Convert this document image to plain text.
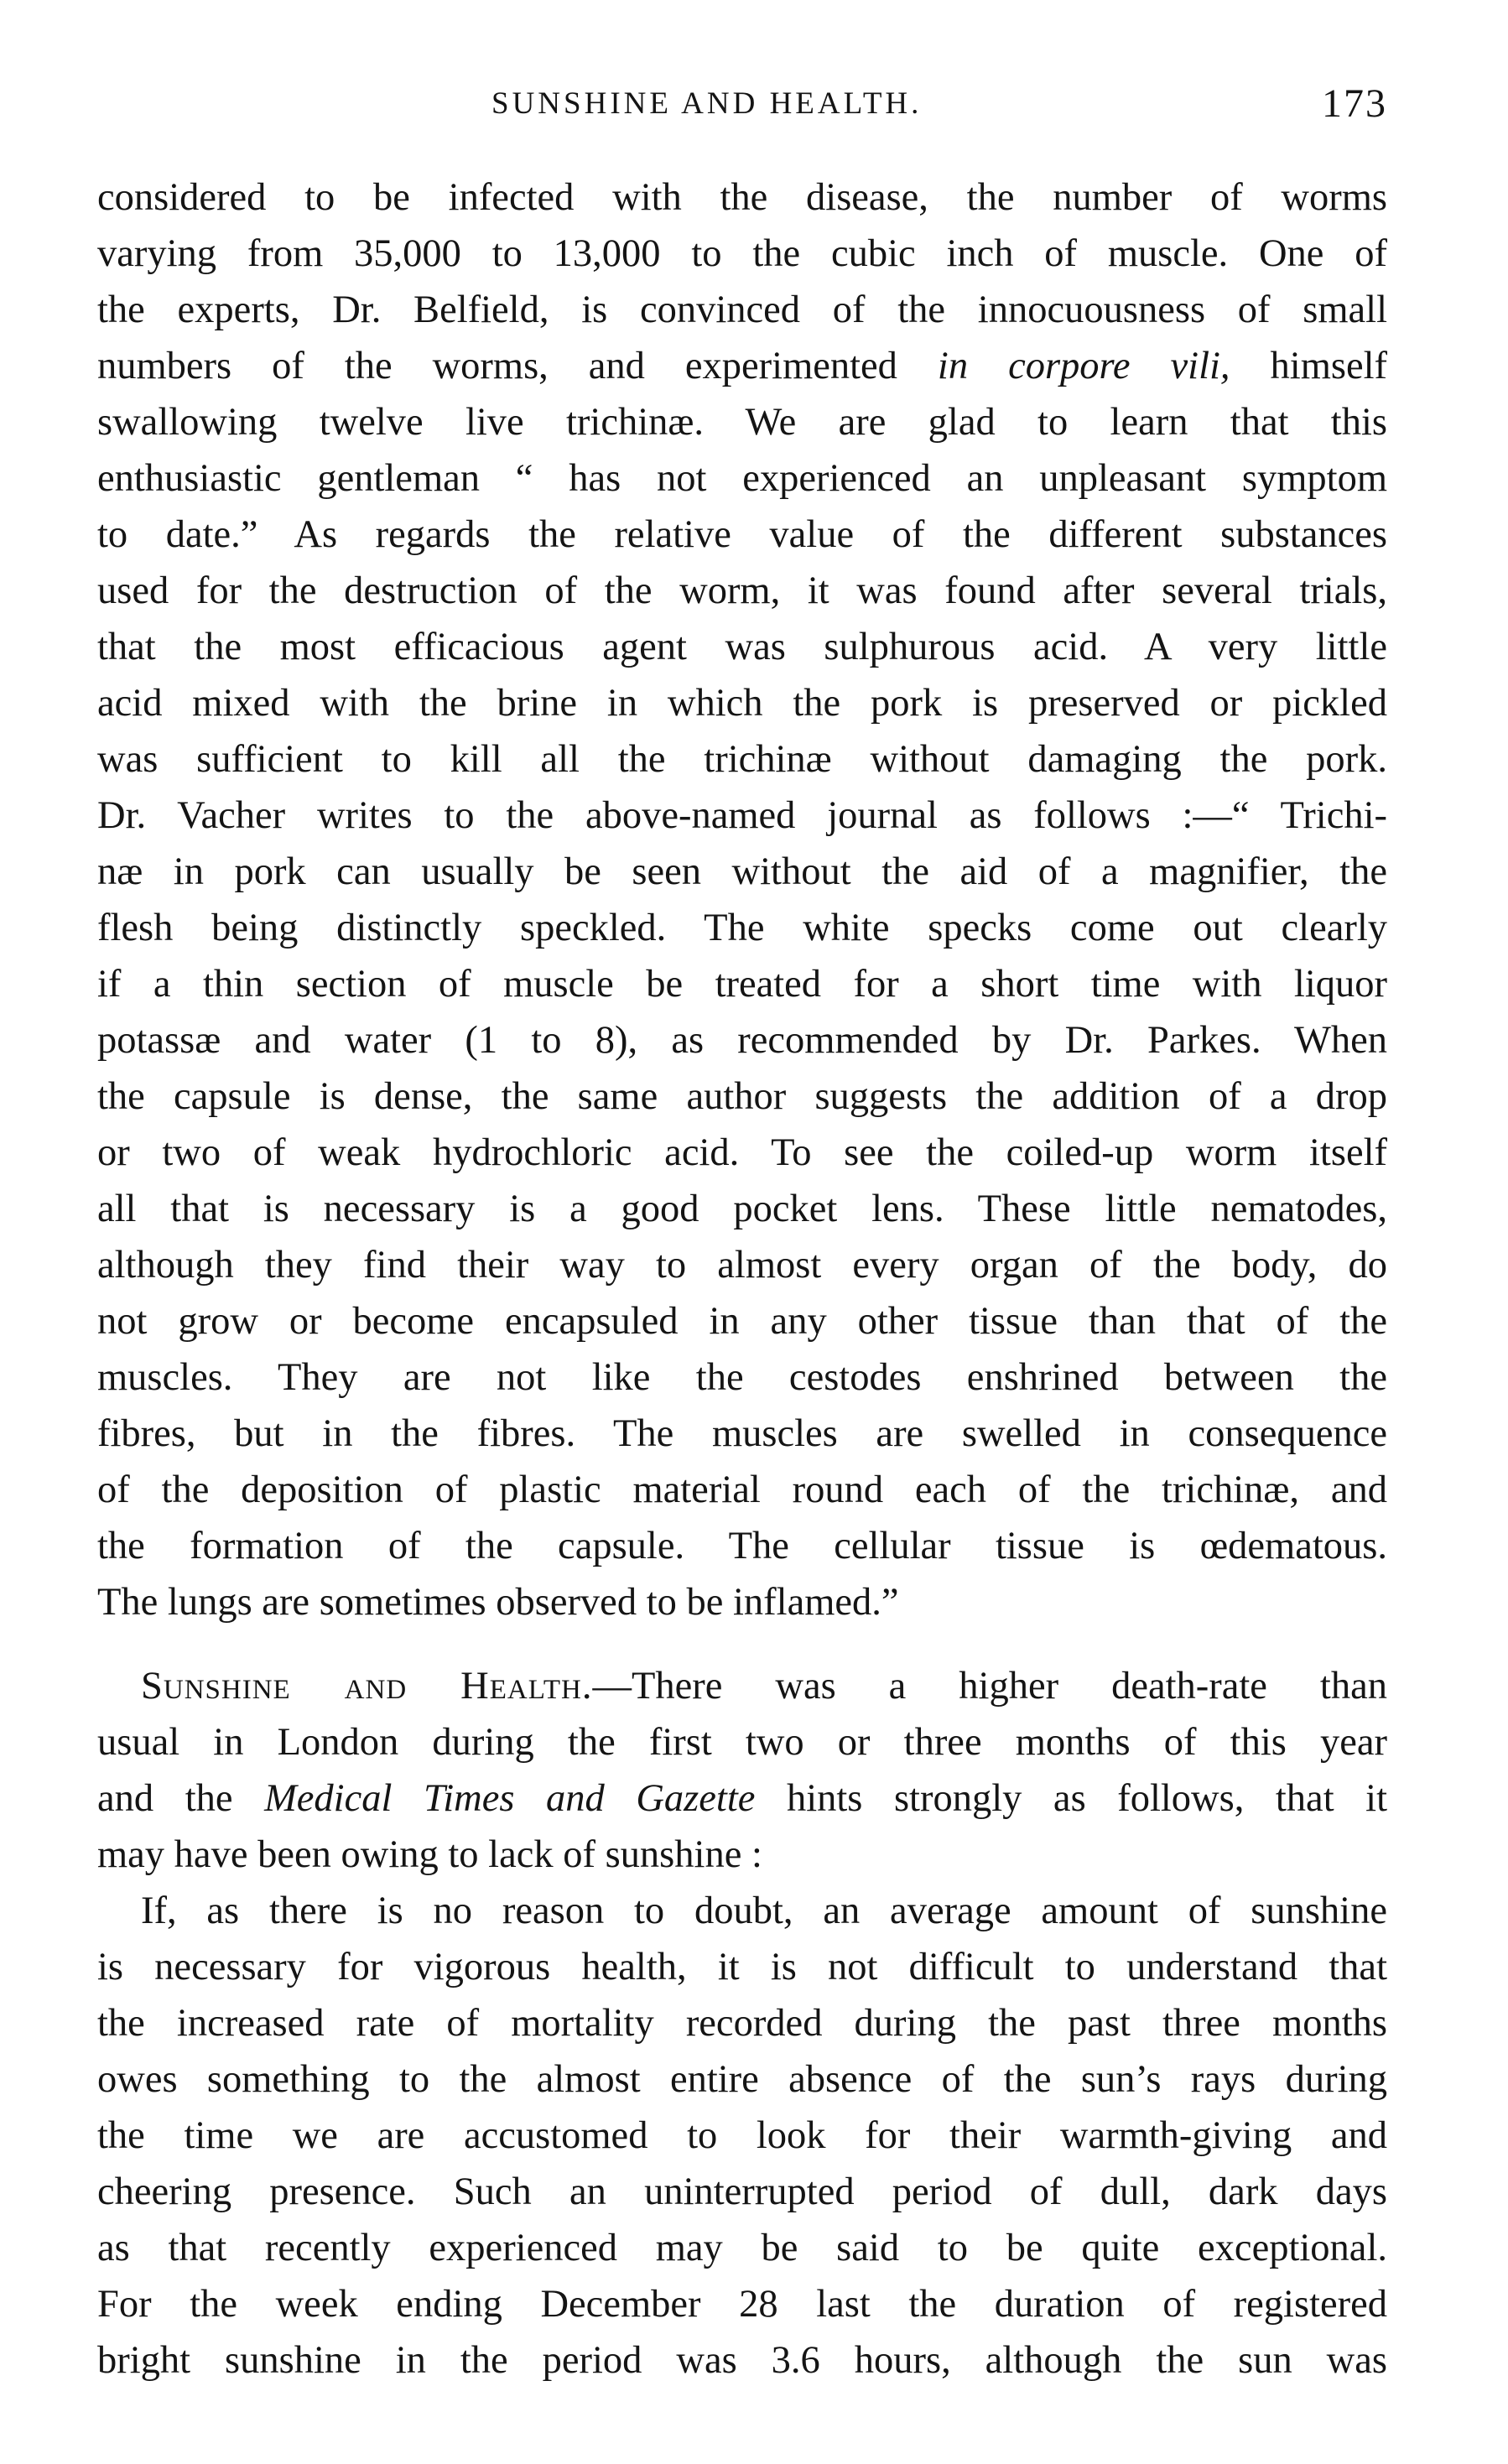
SUNSHINE AND HEALTH.	173
considered to be infected with the disease, the number of worms
varying from 35,000 to 13,000 to the cubic inch of muscle. One of
the experts, Dr. Belfield, is convinced of the innocuousness of small
numbers of the worms, and experimented in corpore vili, himself
swallowing twelve live trichinæ. We are glad to learn that this
enthusiastic gentleman “ has not experienced an unpleasant symptom
to date.” As regards the relative value of the different substances
used for the destruction of the worm, it was found after several trials,
that the most efficacious agent was sulphurous acid. A very little
acid mixed with the brine in which the pork is preserved or pickled
was sufficient to kill all the trichinæ without damaging the pork.
Dr. Vacher writes to the above-named journal as follows :—“ Trichi-
næ in pork can usually be seen without the aid of a magnifier, the
flesh being distinctly speckled. The white specks come out clearly
if a thin section of muscle be treated for a short time with liquor
potassæ and water (1 to 8), as recommended by Dr. Parkes. When
the capsule is dense, the same author suggests the addition of a drop
or two of weak hydrochloric acid. To see the coiled-up worm itself
all that is necessary is a good pocket lens. These little nematodes,
although they find their way to almost every organ of the body, do
not grow or become encapsuled in any other tissue than that of the
muscles. They are not like the cestodes enshrined between the
fibres, but in the fibres. The muscles are swelled in consequence
of the deposition of plastic material round each of the trichinæ, and
the formation of the capsule. The cellular tissue is œdematous.
The lungs are sometimes observed to be inflamed.”
Sunshine and Health.—There was a higher death-rate than
usual in London during the first two or three months of this year
and the Medical Times and Gazette hints strongly as follows, that it
may have been owing to lack of sunshine :
If, as there is no reason to doubt, an average amount of sunshine
is necessary for vigorous health, it is not difficult to understand that
the increased rate of mortality recorded during the past three months
owes something to the almost entire absence of the sun’s rays during
the time we are accustomed to look for their warmth-giving and
cheering presence. Such an uninterrupted period of dull, dark days
as that recently experienced may be said to be quite exceptional.
For the week ending December 28 last the duration of registered
bright sunshine in the period was 3.6 hours, although the sun was
